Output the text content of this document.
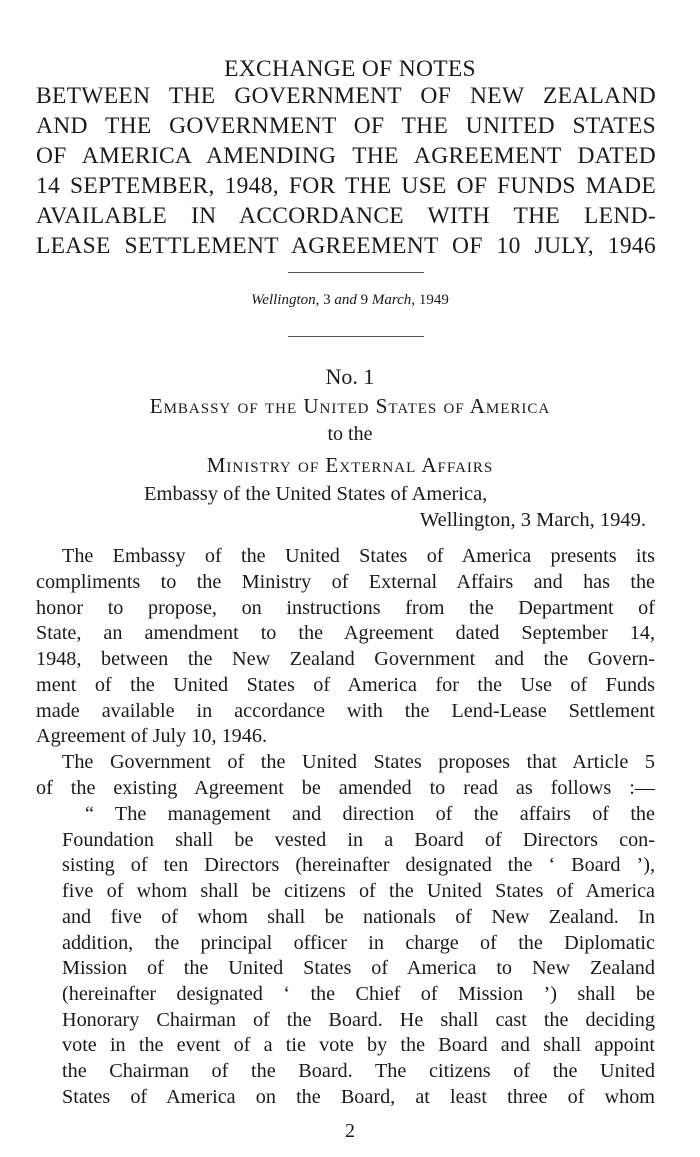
EXCHANGE OF NOTES
BETWEEN THE GOVERNMENT OF NEW ZEALAND
AND THE GOVERNMENT OF THE UNITED STATES
OF AMERICA AMENDING THE AGREEMENT DATED
14 SEPTEMBER, 1948, FOR THE USE OF FUNDS MADE
AVAILABLE IN ACCORDANCE WITH THE LEND-
LEASE SETTLEMENT AGREEMENT OF 10 JULY, 1946
Wellington, 3 and 9 March, 1949
No. 1
Embassy of the United States of America
to the
Ministry of External Affairs
Embassy of the United States of America,
Wellington, 3 March, 1949.
The Embassy of the United States of America presents its
compliments to the Ministry of External Affairs and has the
honor to propose, on instructions from the Department of
State, an amendment to the Agreement dated September 14,
1948, between the New Zealand Government and the Govern-
ment of the United States of America for the Use of Funds
made available in accordance with the Lend-Lease Settlement
Agreement of July 10, 1946.
The Government of the United States proposes that Article 5
of the existing Agreement be amended to read as follows :—
“ The management and direction of the affairs of the
Foundation shall be vested in a Board of Directors con-
sisting of ten Directors (hereinafter designated the ‘ Board ’),
five of whom shall be citizens of the United States of America
and five of whom shall be nationals of New Zealand. In
addition, the principal officer in charge of the Diplomatic
Mission of the United States of America to New Zealand
(hereinafter designated ‘ the Chief of Mission ’) shall be
Honorary Chairman of the Board. He shall cast the deciding
vote in the event of a tie vote by the Board and shall appoint
the Chairman of the Board. The citizens of the United
States of America on the Board, at least three of whom
2
